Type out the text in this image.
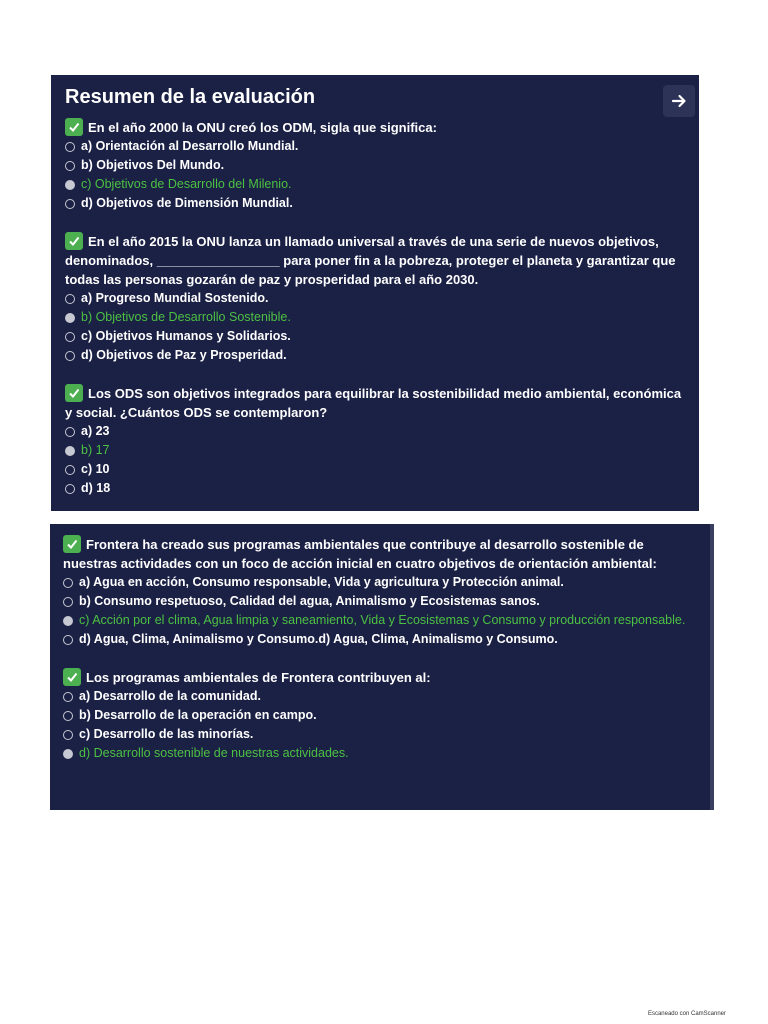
Resumen de la evaluación
En el año 2000 la ONU creó los ODM, sigla que significa:
a) Orientación al Desarrollo Mundial.
b) Objetivos Del Mundo.
c) Objetivos de Desarrollo del Milenio.
d) Objetivos de Dimensión Mundial.
En el año 2015 la ONU lanza un llamado universal a través de una serie de nuevos objetivos, denominados, _________________ para poner fin a la pobreza, proteger el planeta y garantizar que todas las personas gozarán de paz y prosperidad para el año 2030.
a) Progreso Mundial Sostenido.
b) Objetivos de Desarrollo Sostenible.
c) Objetivos Humanos y Solidarios.
d) Objetivos de Paz y Prosperidad.
Los ODS son objetivos integrados para equilibrar la sostenibilidad medio ambiental, económica y social. ¿Cuántos ODS se contemplaron?
a) 23
b) 17
c) 10
d) 18
Frontera ha creado sus programas ambientales que contribuye al desarrollo sostenible de nuestras actividades con un foco de acción inicial en cuatro objetivos de orientación ambiental:
a) Agua en acción, Consumo responsable, Vida y agricultura y Protección animal.
b) Consumo respetuoso, Calidad del agua, Animalismo y Ecosistemas sanos.
c) Acción por el clima, Agua limpia y saneamiento, Vida y Ecosistemas y Consumo y producción responsable.
d) Agua, Clima, Animalismo y Consumo.d) Agua, Clima, Animalismo y Consumo.
Los programas ambientales de Frontera contribuyen al:
a) Desarrollo de la comunidad.
b) Desarrollo de la operación en campo.
c) Desarrollo de las minorías.
d) Desarrollo sostenible de nuestras actividades.
Escaneado con CamScanner
